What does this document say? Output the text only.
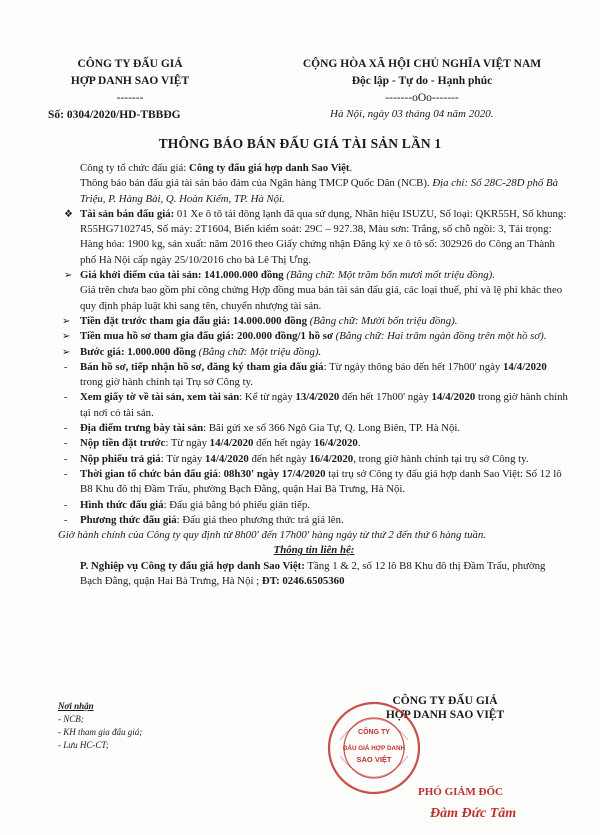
CÔNG TY ĐẤU GIÁ
HỢP DANH SAO VIỆT
-------
Số: 0304/2020/HD-TBBĐG
CỘNG HÒA XÃ HỘI CHỦ NGHĨA VIỆT NAM
Độc lập - Tự do - Hạnh phúc
-------oOo-------
Hà Nội, ngày 03 tháng 04 năm 2020.
THÔNG BÁO BÁN ĐẤU GIÁ TÀI SẢN LẦN 1

Công ty tổ chức đấu giá: Công ty đấu giá hợp danh Sao Việt.

Thông báo bán đấu giá tài sản bảo đảm của Ngân hàng TMCP Quốc Dân (NCB). Địa chỉ: Số 28C-28D phố Bà Triệu, P. Hàng Bài, Q. Hoàn Kiếm, TP. Hà Nội.

❖ Tài sản bán đấu giá: 01 Xe ô tô tải đông lạnh đã qua sử dụng, Nhãn hiệu ISUZU, Số loại: QKR55H, Số khung: R55HG7102745, Số máy: 2T1604, Biển kiểm soát: 29C – 927.38, Màu sơn: Trắng, số chỗ ngồi: 3, Tải trọng: Hàng hóa: 1900 kg, sản xuất: năm 2016 theo Giấy chứng nhận Đăng ký xe ô tô số: 302926 do Công an Thành phố Hà Nội cấp ngày 25/10/2016 cho bà Lê Thị Ưng.

➢ Giá khởi điểm của tài sản: 141.000.000 đồng (Bằng chữ: Một trăm bốn mươi mốt triệu đồng).

Giá trên chưa bao gồm phí công chứng Hợp đồng mua bán tài sản đấu giá, các loại thuế, phí và lệ phí khác theo quy định pháp luật khi sang tên, chuyển nhượng tài sản.

➢ Tiền đặt trước tham gia đấu giá: 14.000.000 đồng (Bằng chữ: Mười bốn triệu đồng).

➢ Tiền mua hồ sơ tham gia đấu giá: 200.000 đồng/1 hồ sơ (Bằng chữ: Hai trăm ngàn đồng trên một hồ sơ).

➢ Bước giá: 1.000.000 đồng (Bằng chữ: Một triệu đồng).

- Bán hồ sơ, tiếp nhận hồ sơ, đăng ký tham gia đấu giá: Từ ngày thông báo đến hết 17h00' ngày 14/4/2020 trong giờ hành chính tại Trụ sở Công ty.

- Xem giấy tờ về tài sản, xem tài sản: Kể từ ngày 13/4/2020 đến hết 17h00' ngày 14/4/2020 trong giờ hành chính tại nơi có tài sản.

- Địa điểm trưng bày tài sản: Bãi gửi xe số 366 Ngô Gia Tự, Q. Long Biên, TP. Hà Nội.

- Nộp tiền đặt trước: Từ ngày 14/4/2020 đến hết ngày 16/4/2020.

- Nộp phiếu trả giá: Từ ngày 14/4/2020 đến hết ngày 16/4/2020, trong giờ hành chính tại trụ sở Công ty.

- Thời gian tổ chức bán đấu giá: 08h30' ngày 17/4/2020 tại trụ sở Công ty đấu giá hợp danh Sao Việt: Số 12 lô B8 Khu đô thị Đầm Trấu, phường Bạch Đằng, quận Hai Bà Trưng, Hà Nội.

- Hình thức đấu giá: Đấu giá bằng bỏ phiếu gián tiếp.

- Phương thức đấu giá: Đấu giá theo phương thức trả giá lên.

Giờ hành chính của Công ty quy định từ 8h00' đến 17h00' hàng ngày từ thứ 2 đến thứ 6 hàng tuần.

Thông tin liên hệ:

P. Nghiệp vụ Công ty đấu giá hợp danh Sao Việt: Tầng 1 & 2, số 12 lô B8 Khu đô thị Đầm Trấu, phường Bạch Đằng, quận Hai Bà Trưng, Hà Nội ; ĐT: 0246.6505360

Nơi nhận
- NCB;
- KH tham gia đấu giá;
- Lưu HC-CT;
CÔNG TY ĐẤU GIÁ
HỢP DANH SAO VIỆT
CÔNG TY
ĐẤU GIÁ HỢP DANH
SAO VIỆT
PHÓ GIÁM ĐỐC
Đàm Đức Tâm
